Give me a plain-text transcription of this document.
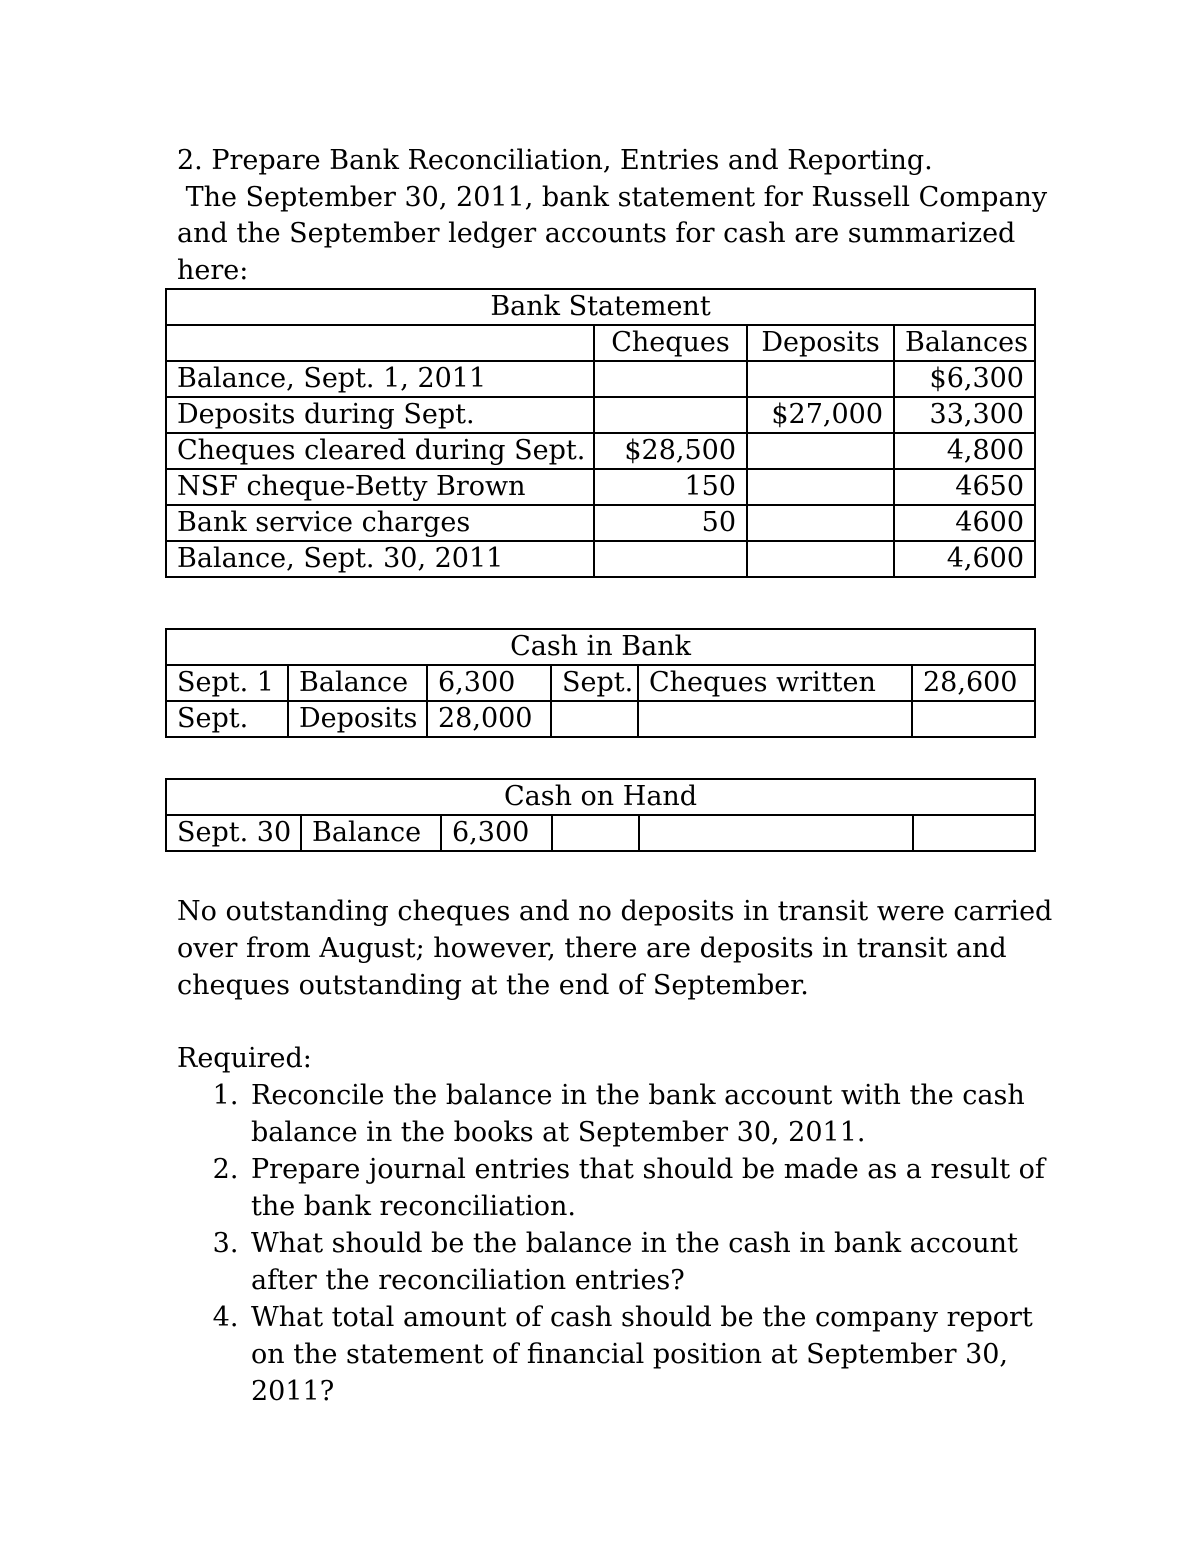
2. Prepare Bank Reconciliation, Entries and Reporting.

The September 30, 2011, bank statement for Russell Company and the September ledger accounts for cash are summarized here:

Bank Statement			
	Cheques	Deposits	Balances
Balance, Sept. 1, 2011			$6,300
Deposits during Sept.		$27,000	33,300
Cheques cleared during Sept.	$28,500		4,800
NSF cheque-Betty Brown	150		4650
Bank service charges	50		4600
Balance, Sept. 30, 2011			4,600
Cash in Bank					
Sept. 1	Balance	6,300	Sept.	Cheques written	28,600
Sept.	Deposits	28,000			
Cash on Hand
Sept. 30	Balance	6,300			

No outstanding cheques and no deposits in transit were carried over from August; however, there are deposits in transit and cheques outstanding at the end of September.

Required:

1. Reconcile the balance in the bank account with the cash balance in the books at September 30, 2011.
2. Prepare journal entries that should be made as a result of the bank reconciliation.
3. What should be the balance in the cash in bank account after the reconciliation entries?
4. What total amount of cash should be the company report on the statement of financial position at September 30, 2011?
